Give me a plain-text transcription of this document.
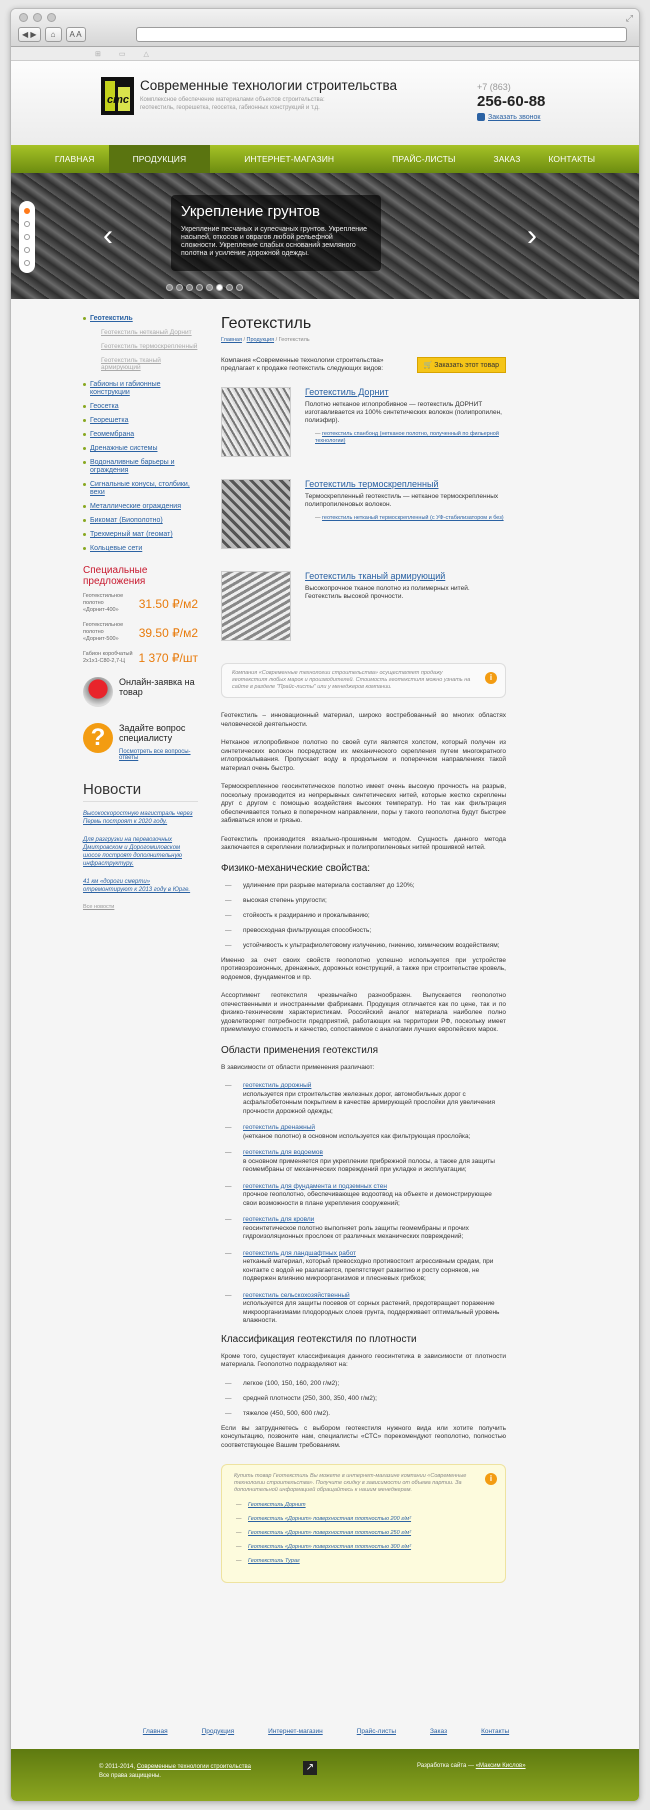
⤢
◀ ▶	⌂	A A
⊞	▭	△
cmc
Современные технологии строительства
Комплексное обеспечение материалами объектов строительства: геотекстиль, георешетка, геосетка, габионных конструкций и т.д.
+7 (863)
256-60-88
Заказать звонок
ГЛАВНАЯ	ПРОДУКЦИЯ	ИНТЕРНЕТ-МАГАЗИН	ПРАЙС-ЛИСТЫ	ЗАКАЗ	КОНТАКТЫ
‹	›
Укрепление грунтов
Укрепление песчаных и супесчаных грунтов. Укрепление насыпей, откосов и оврагов любой рельефной сложности. Укрепление слабых оснований земляного полотна и усиление дорожной одежды.
Геотекстиль
Геотекстиль нетканый Дорнит
Геотекстиль термоскрепленный
Геотекстиль тканый армирующий
Габионы и габионные конструкции
Геосетка
Георешетка
Геомембрана
Дренажные системы
Водоналивные барьеры и ограждения
Сигнальные конусы, столбики, вехи
Металлические ограждения
Бикомат (Биополотно)
Трехмерный мат (геомат)
Кольцевые сети
Специальные предложения
Геотекстильное полотно «Дорнит-400»	31.50 ₽/м2
Геотекстильное полотно «Дорнит-500»	39.50 ₽/м2
Габион коробчатый 2х1х1-С80-2,7-Ц	1 370 ₽/шт
Онлайн-заявка на товар
?	Задайте вопрос специалисту
Посмотреть все вопросы-ответы
Новости
Высокоскоростную магистраль через Пермь построят к 2020 году.
Для разгрузки на перевозочных Дмитровском и Дорогомиловском шоссе построят дополнительную инфраструктуру.
41 км «дороги смерти» отремонтируют к 2013 году в Юрге.
Все новости
Геотекстиль
Главная / Продукция / Геотекстиль
Компания «Современные технологии строительства» предлагает к продаже геотекстиль следующих видов:	🛒 Заказать этот товар
Геотекстиль Дорнит
Полотно нетканое иглопробивное — геотекстиль ДОРНИТ изготавливается из 100% синтетических волокон (полипропилен, полиэфир).
— геотекстиль спанбонд (нетканое полотно, полученный по фильерной технологии)
Геотекстиль термоскрепленный
Термоскрепленный геотекстиль — нетканое термоскрепленных полипропиленовых волокон.
— геотекстиль нетканый термоскрепленный (с УФ-стабилизатором и без)
Геотекстиль тканый армирующий
Высокопрочное тканое полотно из полимерных нитей. Геотекстиль высокой прочности.
Компания «Современные технологии строительства» осуществляет продажу геотекстиля любых марок и производителей. Стоимость геотекстиля можно узнать на сайте в разделе "Прайс-листы" или у менеджеров компании.
i
Геотекстиль – инновационный материал, широко востребованный во многих областях человеческой деятельности.
Нетканое иглопробивное полотно по своей сути является холстом, который получен из синтетических волокон посредством их механического скрепления путем многократного иглопрокалывания. Пропускает воду в продольном и поперечном направлениях такой материал очень быстро.
Термоскрепленное геосинтетическое полотно имеет очень высокую прочность на разрыв, поскольку производится из непрерывных синтетических нитей, которые жестко скреплены друг с другом с помощью воздействия высоких температур. Но так как фильтрация обеспечивается только в поперечном направлении, поры у такого геополотна будут быстрее забиваться илом и грязью.
Геотекстиль производится вязально-прошивным методом. Сущность данного метода заключается в скреплении полиэфирных и полипропиленовых нитей прошивкой нитей.
Физико-механические свойства:
— удлинение при разрыве материала составляет до 120%;
— высокая степень упругости;
— стойкость к раздиранию и прокалыванию;
— превосходная фильтрующая способность;
— устойчивость к ультрафиолетовому излучению, гниению, химическим воздействиям;
Именно за счет своих свойств геополотно успешно используется при устройстве противоэрозионных, дренажных, дорожных конструкций, а также при строительстве кровель, водоемов, фундаментов и пр.
Ассортимент геотекстиля чрезвычайно разнообразен. Выпускается геополотно отечественными и иностранными фабриками. Продукция отличается как по цене, так и по физико-техническим характеристикам. Российский аналог материала наиболее полно удовлетворяет потребности предприятий, работающих на территории РФ, поскольку имеет приемлемую стоимость и качество, сопоставимое с аналогами лучших европейских марок.
Области применения геотекстиля
В зависимости от области применения различают:
— геотекстиль дорожный
используется при строительстве железных дорог, автомобильных дорог с асфальтобетонным покрытием в качестве армирующей прослойки для увеличения прочности дорожной одежды;
— геотекстиль дренажный
(нетканое полотно) в основном используется как фильтрующая прослойка;
— геотекстиль для водоемов
в основном применяется при укреплении прибрежной полосы, а также для защиты геомембраны от механических повреждений при укладке и эксплуатации;
— геотекстиль для фундамента и подземных стен
прочное геополотно, обеспечивающее водоотвод на объекте и демонстрирующее свои возможности в плане укрепления сооружений;
— геотекстиль для кровли
геосинтетическое полотно выполняет роль защиты геомембраны и прочих гидроизоляционных прослоек от различных механических повреждений;
— геотекстиль для ландшафтных работ
нетканый материал, который превосходно противостоит агрессивным средам, при контакте с водой не разлагается, препятствует развитию и росту сорняков, не подвержен влиянию микроорганизмов и плесневых грибков;
— геотекстиль сельскохозяйственный
используется для защиты посевов от сорных растений, предотвращает поражение микроорганизмами плодородных слоев грунта, поддерживает оптимальный уровень влажности.
Классификация геотекстиля по плотности
Кроме того, существует классификация данного геосинтетика в зависимости от плотности материала. Геополотно подразделяют на:
— легкое (100, 150, 160, 200 г/м2);
— средней плотности (250, 300, 350, 400 г/м2);
— тяжелое (450, 500, 600 г/м2).
Если вы затрудняетесь с выбором геотекстиля нужного вида или хотите получить консультацию, позвоните нам, специалисты «СТС» порекомендуют геополотно, полностью соответствующее Вашим требованиям.
Купить товар Геотекстиль Вы можете в интернет-магазине компании «Современные технологии строительства». Получите скидку в зависимости от объема партии. За дополнительной информацией обращайтесь к нашим менеджерам.
i
— Геотекстиль Дорнит
— Геотекстиль «Дорнит» поверхностная плотностью 200 г/м²
— Геотекстиль «Дорнит» поверхностная плотностью 250 г/м²
— Геотекстиль «Дорнит» поверхностная плотностью 300 г/м²
— Геотекстиль Тураг
Главная	Продукция	Интернет-магазин	Прайс-листы	Заказ	Контакты
© 2011-2014, Современные технологии строительства
Все права защищены.
↗	Разработка сайта — «Максим Кислов»
